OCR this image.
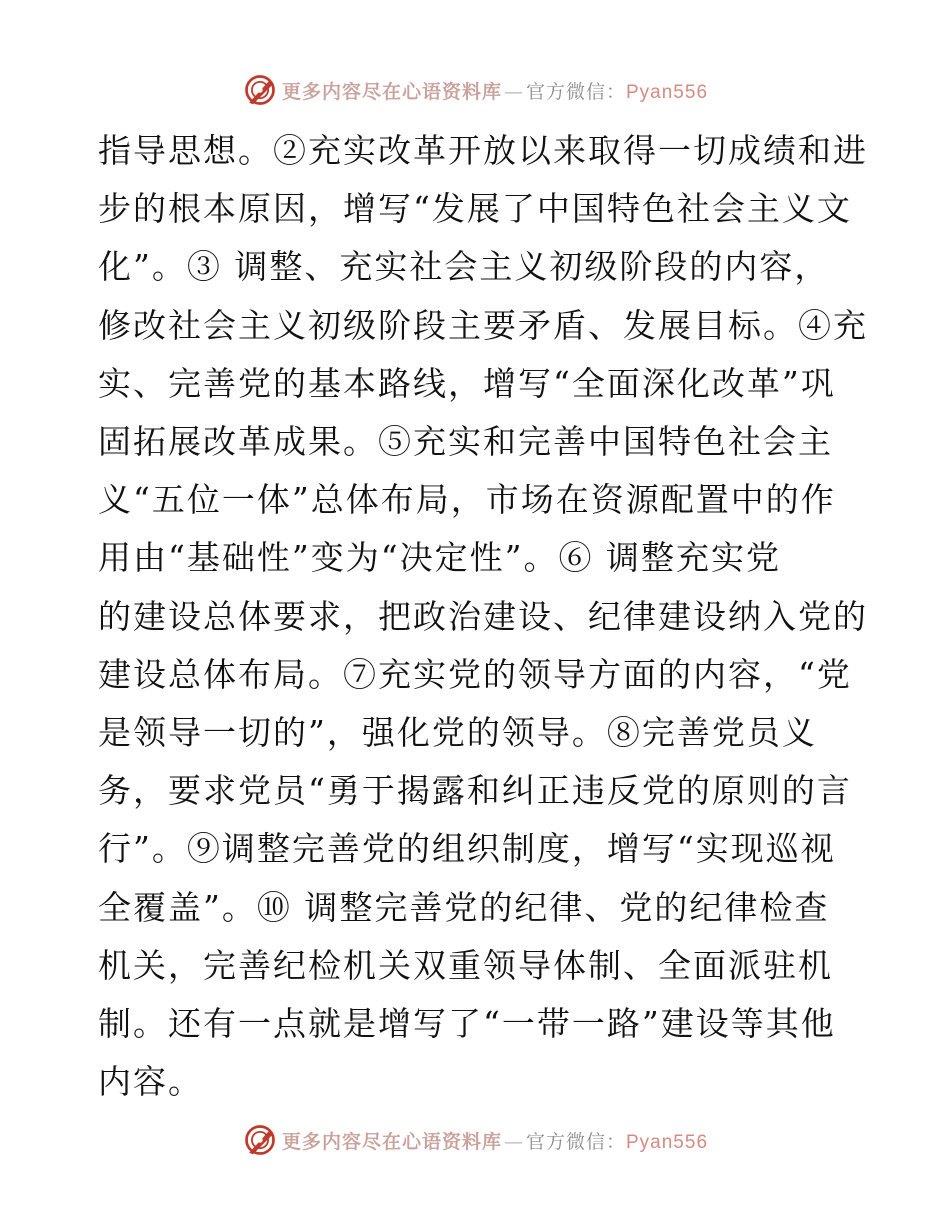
更多内容尽在心语资料库 — 官方微信：Pyan556
指导思想。②充实改革开放以来取得一切成绩和进
步的根本原因，增写“发展了中国特色社会主义文
化”。③ 调整、充实社会主义初级阶段的内容，
修改社会主义初级阶段主要矛盾、发展目标。④充
实、完善党的基本路线，增写“全面深化改革”巩
固拓展改革成果。⑤充实和完善中国特色社会主
义“五位一体”总体布局，市场在资源配置中的作
用由“基础性”变为“决定性”。⑥ 调整充实党
的建设总体要求，把政治建设、纪律建设纳入党的
建设总体布局。⑦充实党的领导方面的内容，“党
是领导一切的”，强化党的领导。⑧完善党员义
务，要求党员“勇于揭露和纠正违反党的原则的言
行”。⑨调整完善党的组织制度，增写“实现巡视
全覆盖”。⑩ 调整完善党的纪律、党的纪律检查
机关，完善纪检机关双重领导体制、全面派驻机
制。还有一点就是增写了“一带一路”建设等其他
内容。
更多内容尽在心语资料库 — 官方微信：Pyan556
